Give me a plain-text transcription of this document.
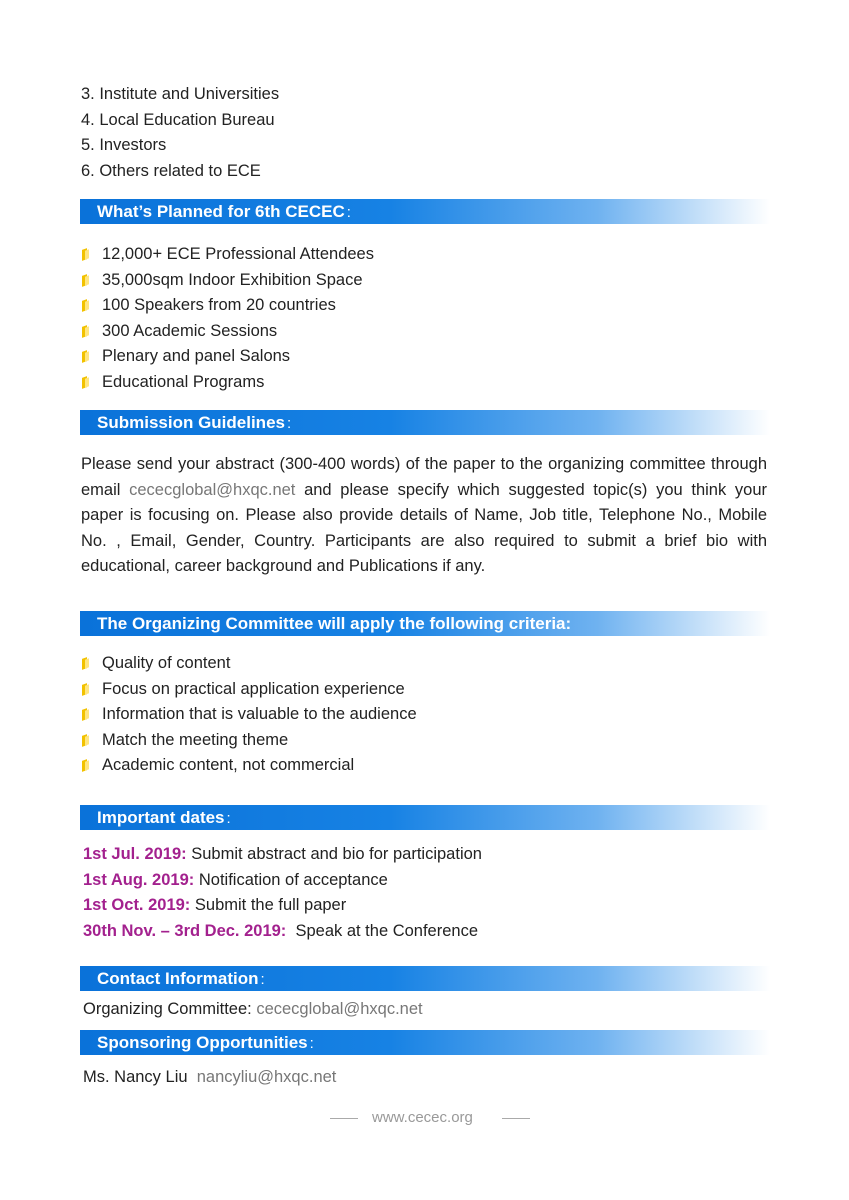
3. Institute and Universities
4. Local Education Bureau
5. Investors
6. Others related to ECE
What’s Planned for 6th CECEC :
12,000+ ECE Professional Attendees
35,000sqm Indoor Exhibition Space
100 Speakers from 20 countries
300 Academic Sessions
Plenary and panel Salons
Educational Programs
Submission Guidelines :
Please send your abstract (300-400 words) of the paper to the organizing committee through email cececglobal@hxqc.net and please specify which suggested topic(s) you think your paper is focusing on. Please also provide details of Name, Job title, Telephone No., Mobile No. , Email, Gender, Country. Participants are also required to submit a brief bio with educational, career background and Publications if any.
The Organizing Committee will apply the following criteria:
Quality of content
Focus on practical application experience
Information that is valuable to the audience
Match the meeting theme
Academic content, not commercial
Important dates :
1st Jul. 2019: Submit abstract and bio for participation
1st Aug. 2019: Notification of acceptance
1st Oct. 2019: Submit the full paper
30th Nov. – 3rd Dec. 2019:  Speak at the Conference
Contact Information :
Organizing Committee: cececglobal@hxqc.net
Sponsoring Opportunities :
Ms. Nancy Liu  nancyliu@hxqc.net
www.cecec.org
